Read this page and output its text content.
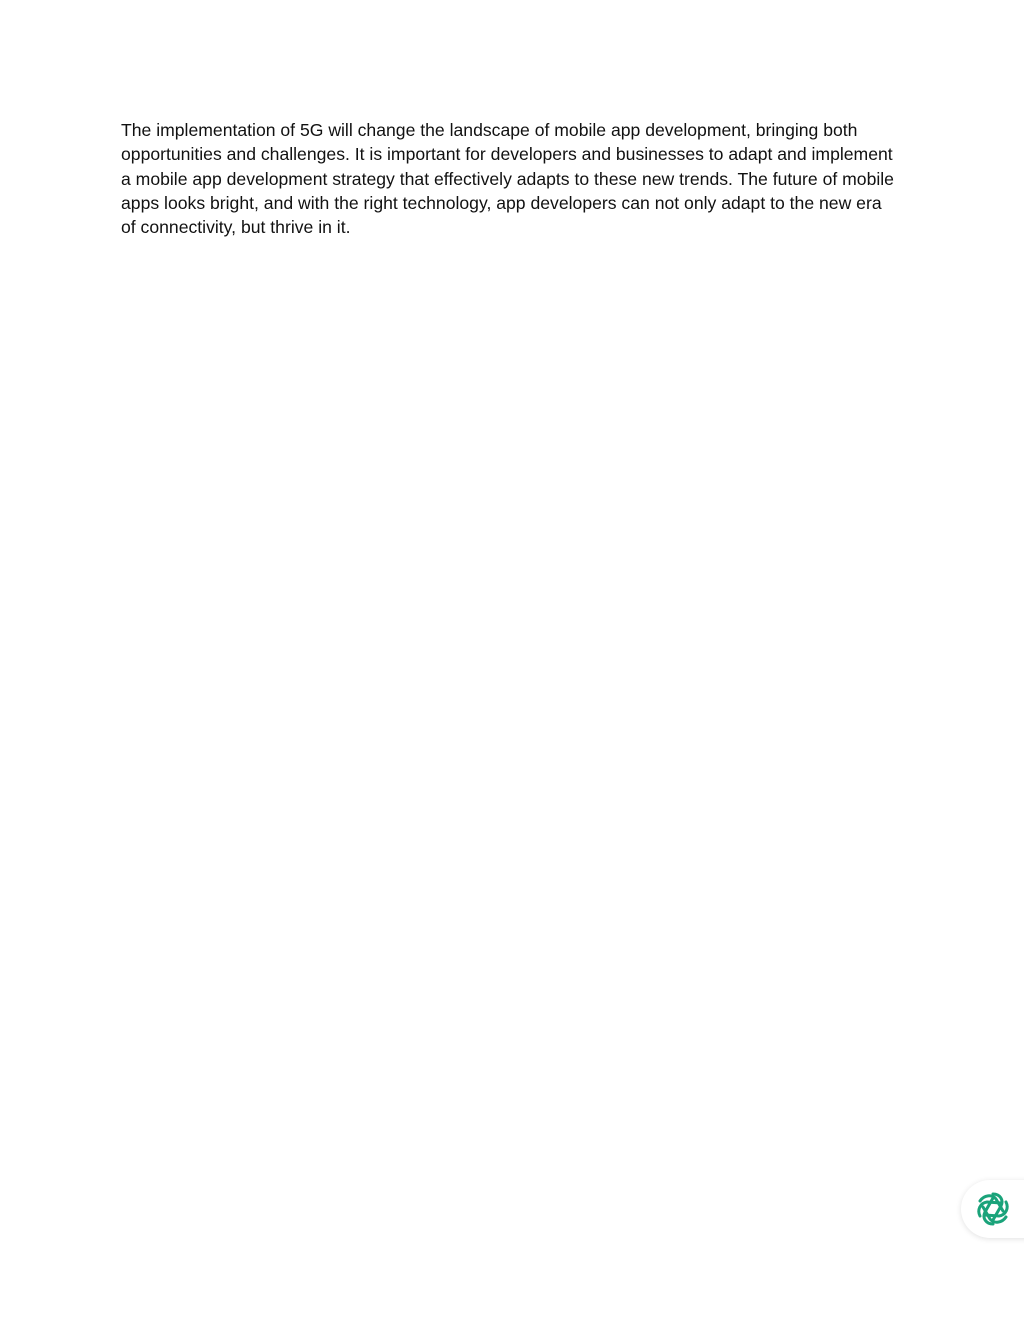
The implementation of 5G will change the landscape of mobile app development, bringing both opportunities and challenges. It is important for developers and businesses to adapt and implement a mobile app development strategy that effectively adapts to these new trends. The future of mobile apps looks bright, and with the right technology, app developers can not only adapt to the new era of connectivity, but thrive in it.
